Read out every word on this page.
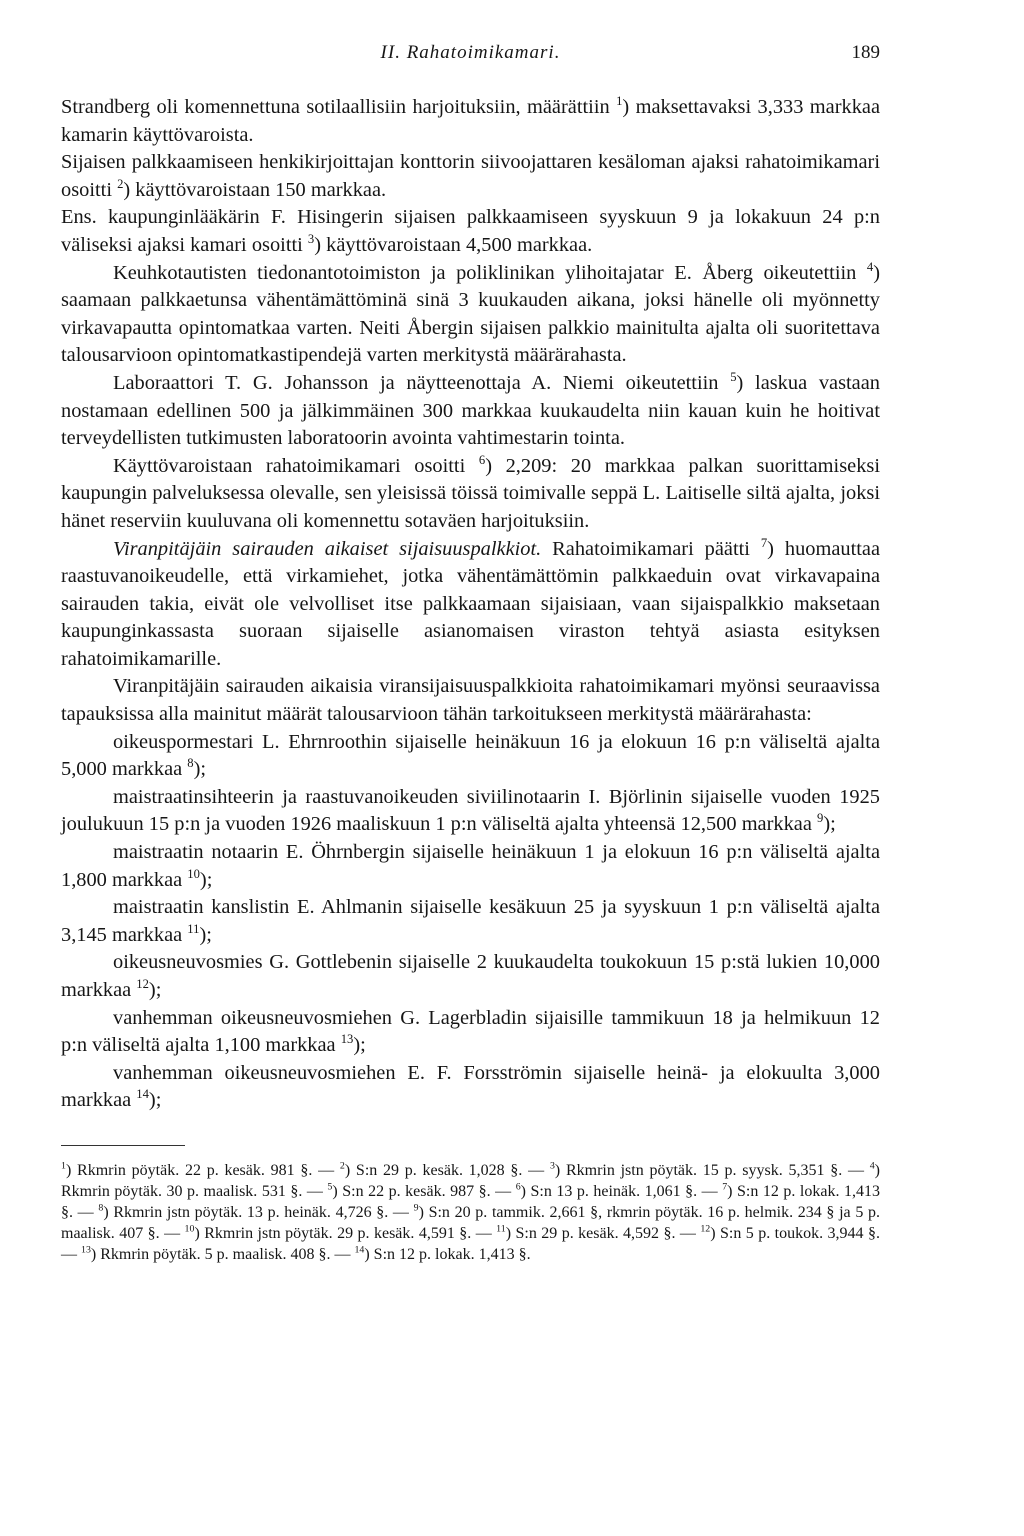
II. Rahatoimikamari.	189

Strandberg oli komennettuna sotilaallisiin harjoituksiin, määrättiin $^1$) maksettavaksi 3,333 markkaa kamarin käyttövaroista.

Sijaisen palkkaamiseen henkikirjoittajan konttorin siivoojattaren kesäloman ajaksi rahatoimikamari osoitti $^2$) käyttövaroistaan 150 markkaa.

Ens. kaupunginlääkärin F. Hisingerin sijaisen palkkaamiseen syyskuun 9 ja lokakuun 24 p:n väliseksi ajaksi kamari osoitti $^3$) käyttövaroistaan 4,500 markkaa.

Keuhkotautisten tiedonantotoimiston ja poliklinikan ylihoitajatar E. Åberg oikeutettiin $^4$) saamaan palkkaetunsa vähentämättöminä sinä 3 kuukauden aikana, joksi hänelle oli myönnetty virkavapautta opintomatkaa varten. Neiti Åbergin sijaisen palkkio mainitulta ajalta oli suoritettava talousarvioon opintomatkastipendejä varten merkitystä määrärahasta.

Laboraattori T. G. Johansson ja näytteenottaja A. Niemi oikeutettiin $^5$) laskua vastaan nostamaan edellinen 500 ja jälkimmäinen 300 markkaa kuukaudelta niin kauan kuin he hoitivat terveydellisten tutkimusten laboratoorin avointa vahtimestarin tointa.

Käyttövaroistaan rahatoimikamari osoitti $^6$) 2,209: 20 markkaa palkan suorittamiseksi kaupungin palveluksessa olevalle, sen yleisissä töissä toimivalle seppä L. Laitiselle siltä ajalta, joksi hänet reserviin kuuluvana oli komennettu sotaväen harjoituksiin.

Viranpitäjäin sairauden aikaiset sijaisuuspalkkiot. Rahatoimikamari päätti $^7$) huomauttaa raastuvanoikeudelle, että virkamiehet, jotka vähentämättömin palkkaeduin ovat virkavapaina sairauden takia, eivät ole velvolliset itse palkkaamaan sijaisiaan, vaan sijaispalkkio maksetaan kaupunginkassasta suoraan sijaiselle asianomaisen viraston tehtyä asiasta esityksen rahatoimikamarille.

Viranpitäjäin sairauden aikaisia viransijaisuuspalkkioita rahatoimikamari myönsi seuraavissa tapauksissa alla mainitut määrät talousarvioon tähän tarkoitukseen merkitystä määrärahasta:

oikeuspormestari L. Ehrnroothin sijaiselle heinäkuun 16 ja elokuun 16 p:n väliseltä ajalta 5,000 markkaa $^8$);

maistraatinsihteerin ja raastuvanoikeuden siviilinotaarin I. Björlinin sijaiselle vuoden 1925 joulukuun 15 p:n ja vuoden 1926 maaliskuun 1 p:n väliseltä ajalta yhteensä 12,500 markkaa $^9$);

maistraatin notaarin E. Öhrnbergin sijaiselle heinäkuun 1 ja elokuun 16 p:n väliseltä ajalta 1,800 markkaa $^{10}$);

maistraatin kanslistin E. Ahlmanin sijaiselle kesäkuun 25 ja syyskuun 1 p:n väliseltä ajalta 3,145 markkaa $^{11}$);

oikeusneuvosmies G. Gottlebenin sijaiselle 2 kuukaudelta toukokuun 15 p:stä lukien 10,000 markkaa $^{12}$);

vanhemman oikeusneuvosmiehen G. Lagerbladin sijaisille tammikuun 18 ja helmikuun 12 p:n väliseltä ajalta 1,100 markkaa $^{13}$);

vanhemman oikeusneuvosmiehen E. F. Forsströmin sijaiselle heinä- ja elokuulta 3,000 markkaa $^{14}$);

$^1$) Rkmrin pöytäk. 22 p. kesäk. 981 §. — $^2$) S:n 29 p. kesäk. 1,028 §. — $^3$) Rkmrin jstn pöytäk. 15 p. syysk. 5,351 §. — $^4$) Rkmrin pöytäk. 30 p. maalisk. 531 §. — $^5$) S:n 22 p. kesäk. 987 §. — $^6$) S:n 13 p. heinäk. 1,061 §. — $^7$) S:n 12 p. lokak. 1,413 §. — $^8$) Rkmrin jstn pöytäk. 13 p. heinäk. 4,726 §. — $^9$) S:n 20 p. tammik. 2,661 §, rkmrin pöytäk. 16 p. helmik. 234 § ja 5 p. maalisk. 407 §. — $^{10}$) Rkmrin jstn pöytäk. 29 p. kesäk. 4,591 §. — $^{11}$) S:n 29 p. kesäk. 4,592 §. — $^{12}$) S:n 5 p. toukok. 3,944 §. — $^{13}$) Rkmrin pöytäk. 5 p. maalisk. 408 §. — $^{14}$) S:n 12 p. lokak. 1,413 §.
